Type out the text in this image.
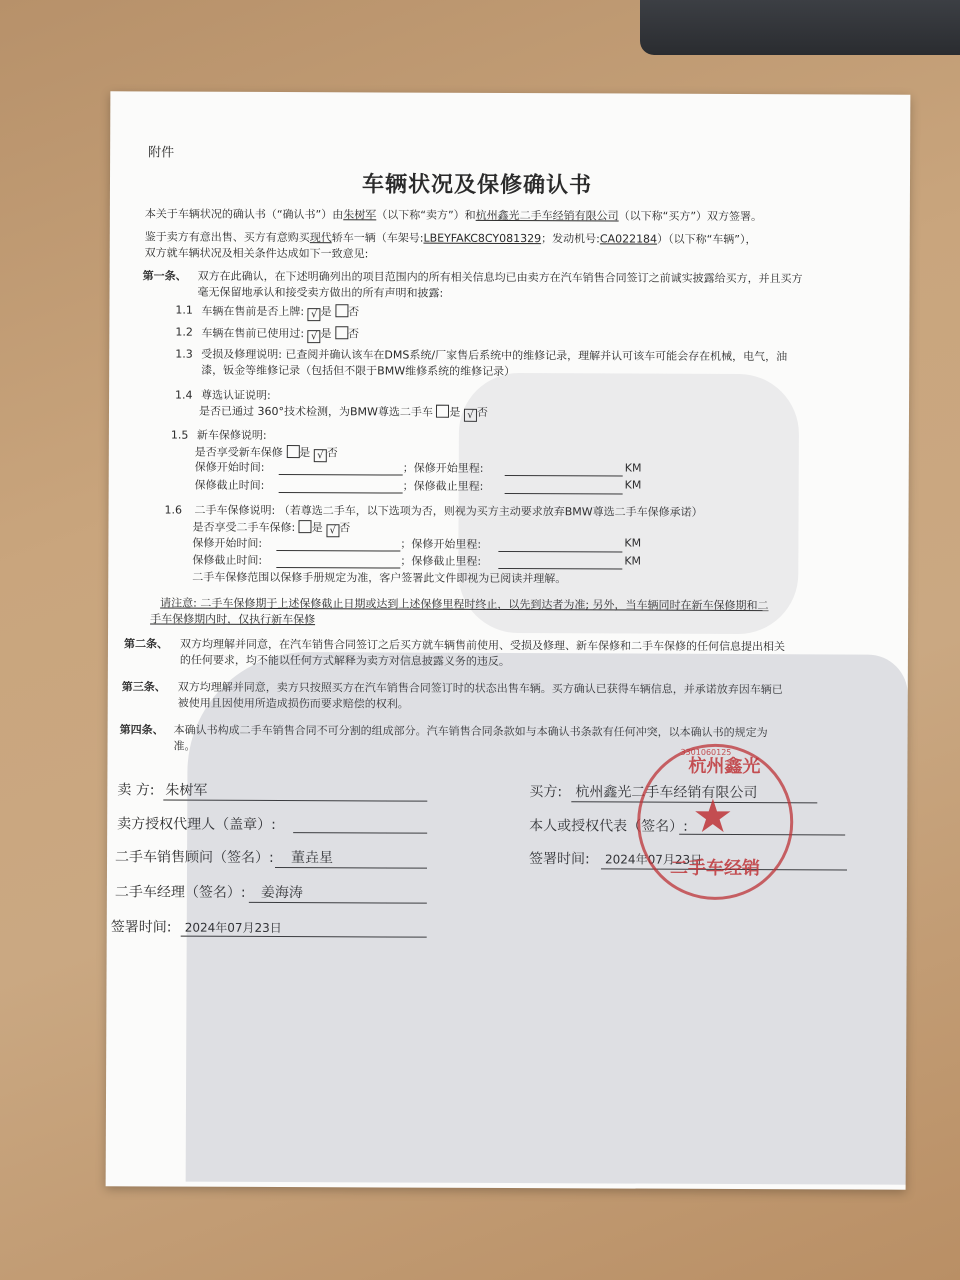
附件
车辆状况及保修确认书
本关于车辆状况的确认书（“确认书”）由朱树军（以下称“卖方”）和杭州鑫光二手车经销有限公司（以下称“买方”）双方签署。
鉴于卖方有意出售、买方有意购买现代轿车一辆（车架号:LBEYFAKC8CY081329；发动机号:CA022184）（以下称“车辆”），
双方就车辆状况及相关条件达成如下一致意见:
第一条、 双方在此确认，在下述明确列出的项目范围内的所有相关信息均已由卖方在汽车销售合同签订之前诚实披露给买方，并且买方
毫无保留地承认和接受卖方做出的所有声明和披露:
1.1 车辆在售前是否上牌: √ 是 否
1.2 车辆在售前已使用过: √ 是 否
1.3 受损及修理说明: 已查阅并确认该车在DMS系统/厂家售后系统中的维修记录，理解并认可该车可能会存在机械，电气，油
漆，钣金等维修记录（包括但不限于BMW维修系统的维修记录）
1.4 尊选认证说明:
是否已通过 360°技术检测，为BMW尊选二手车 是 √ 否
1.5 新车保修说明:
是否享受新车保修 是 √ 否
保修开始时间:	；保修开始里程:	KM
保修截止时间:	；保修截止里程:	KM
1.6 二手车保修说明: （若尊选二手车，以下选项为否，则视为买方主动要求放弃BMW尊选二手车保修承诺）
是否享受二手车保修: 是 √ 否
保修开始时间:	；保修开始里程:	KM
保修截止时间:	；保修截止里程:	KM
二手车保修范围以保修手册规定为准，客户签署此文件即视为已阅读并理解。
请注意: 二手车保修期于上述保修截止日期或达到上述保修里程时终止，以先到达者为准; 另外，当车辆同时在新车保修期和二
手车保修期内时，仅执行新车保修
第二条、 双方均理解并同意，在汽车销售合同签订之后买方就车辆售前使用、受损及修理、新车保修和二手车保修的任何信息提出相关
的任何要求，均不能以任何方式解释为卖方对信息披露义务的违反。
第三条、 双方均理解并同意，卖方只按照买方在汽车销售合同签订时的状态出售车辆。买方确认已获得车辆信息，并承诺放弃因车辆已
被使用且因使用所造成损伤而要求赔偿的权利。
第四条、 本确认书构成二手车销售合同不可分割的组成部分。汽车销售合同条款如与本确认书条款有任何冲突，以本确认书的规定为
准。
卖 方: 朱树军
卖方授权代理人（盖章）:
二手车销售顾问（签名）: 董垚星
二手车经理（签名）: 姜海涛
签署时间: 2024年07月23日
买方: 杭州鑫光二手车经销有限公司
本人或授权代表（签名）:
签署时间: 2024年07月23日
杭州鑫光
3301060125
★
二手车经销
